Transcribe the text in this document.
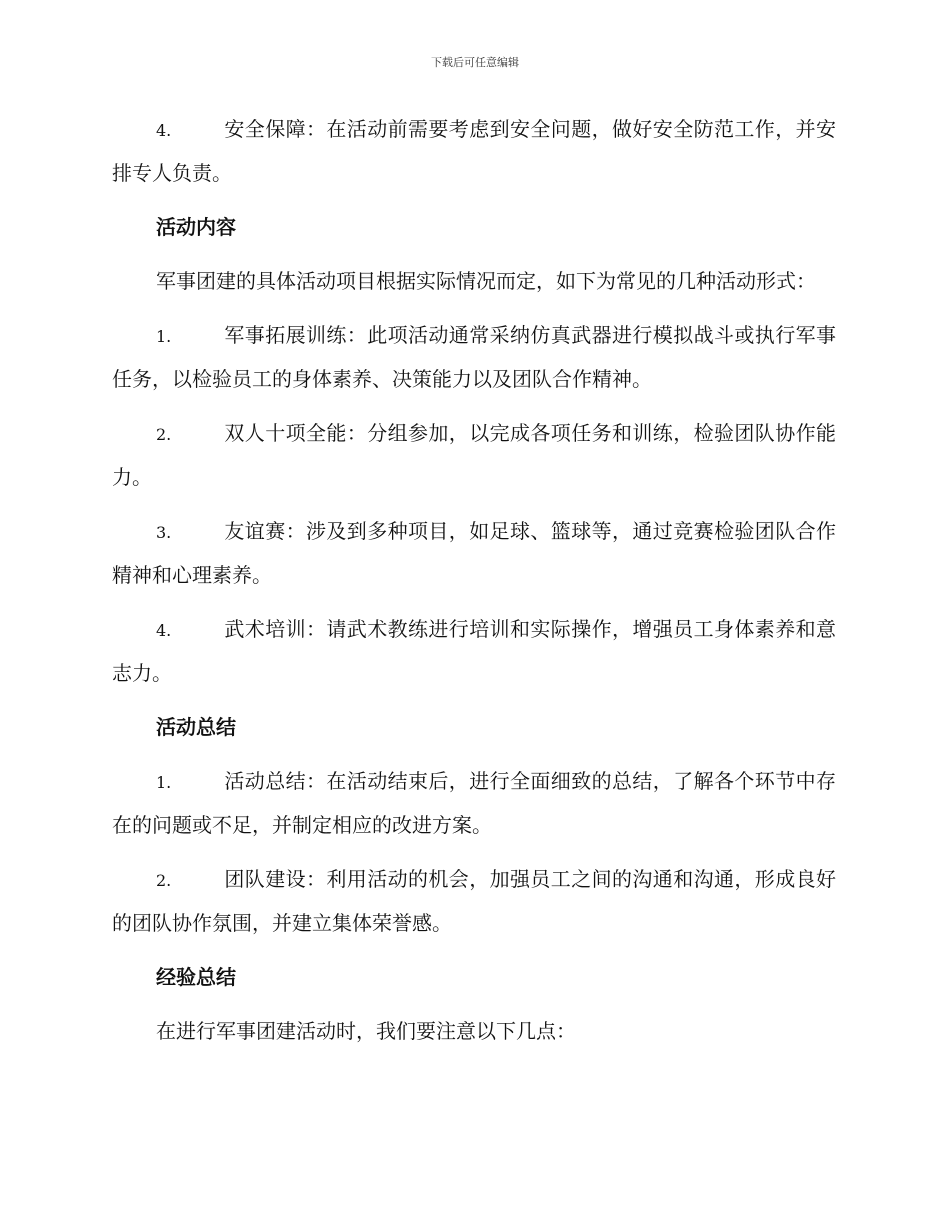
下载后可任意编辑

4.	安全保障：在活动前需要考虑到安全问题，做好安全防范工作，并安排专人负责。

活动内容

军事团建的具体活动项目根据实际情况而定，如下为常见的几种活动形式：

1.	军事拓展训练：此项活动通常采纳仿真武器进行模拟战斗或执行军事任务，以检验员工的身体素养、决策能力以及团队合作精神。

2.	双人十项全能：分组参加，以完成各项任务和训练，检验团队协作能力。

3.	友谊赛：涉及到多种项目，如足球、篮球等，通过竞赛检验团队合作精神和心理素养。

4.	武术培训：请武术教练进行培训和实际操作，增强员工身体素养和意志力。

活动总结

1.	活动总结：在活动结束后，进行全面细致的总结，了解各个环节中存在的问题或不足，并制定相应的改进方案。

2.	团队建设：利用活动的机会，加强员工之间的沟通和沟通，形成良好的团队协作氛围，并建立集体荣誉感。

经验总结

在进行军事团建活动时，我们要注意以下几点：
